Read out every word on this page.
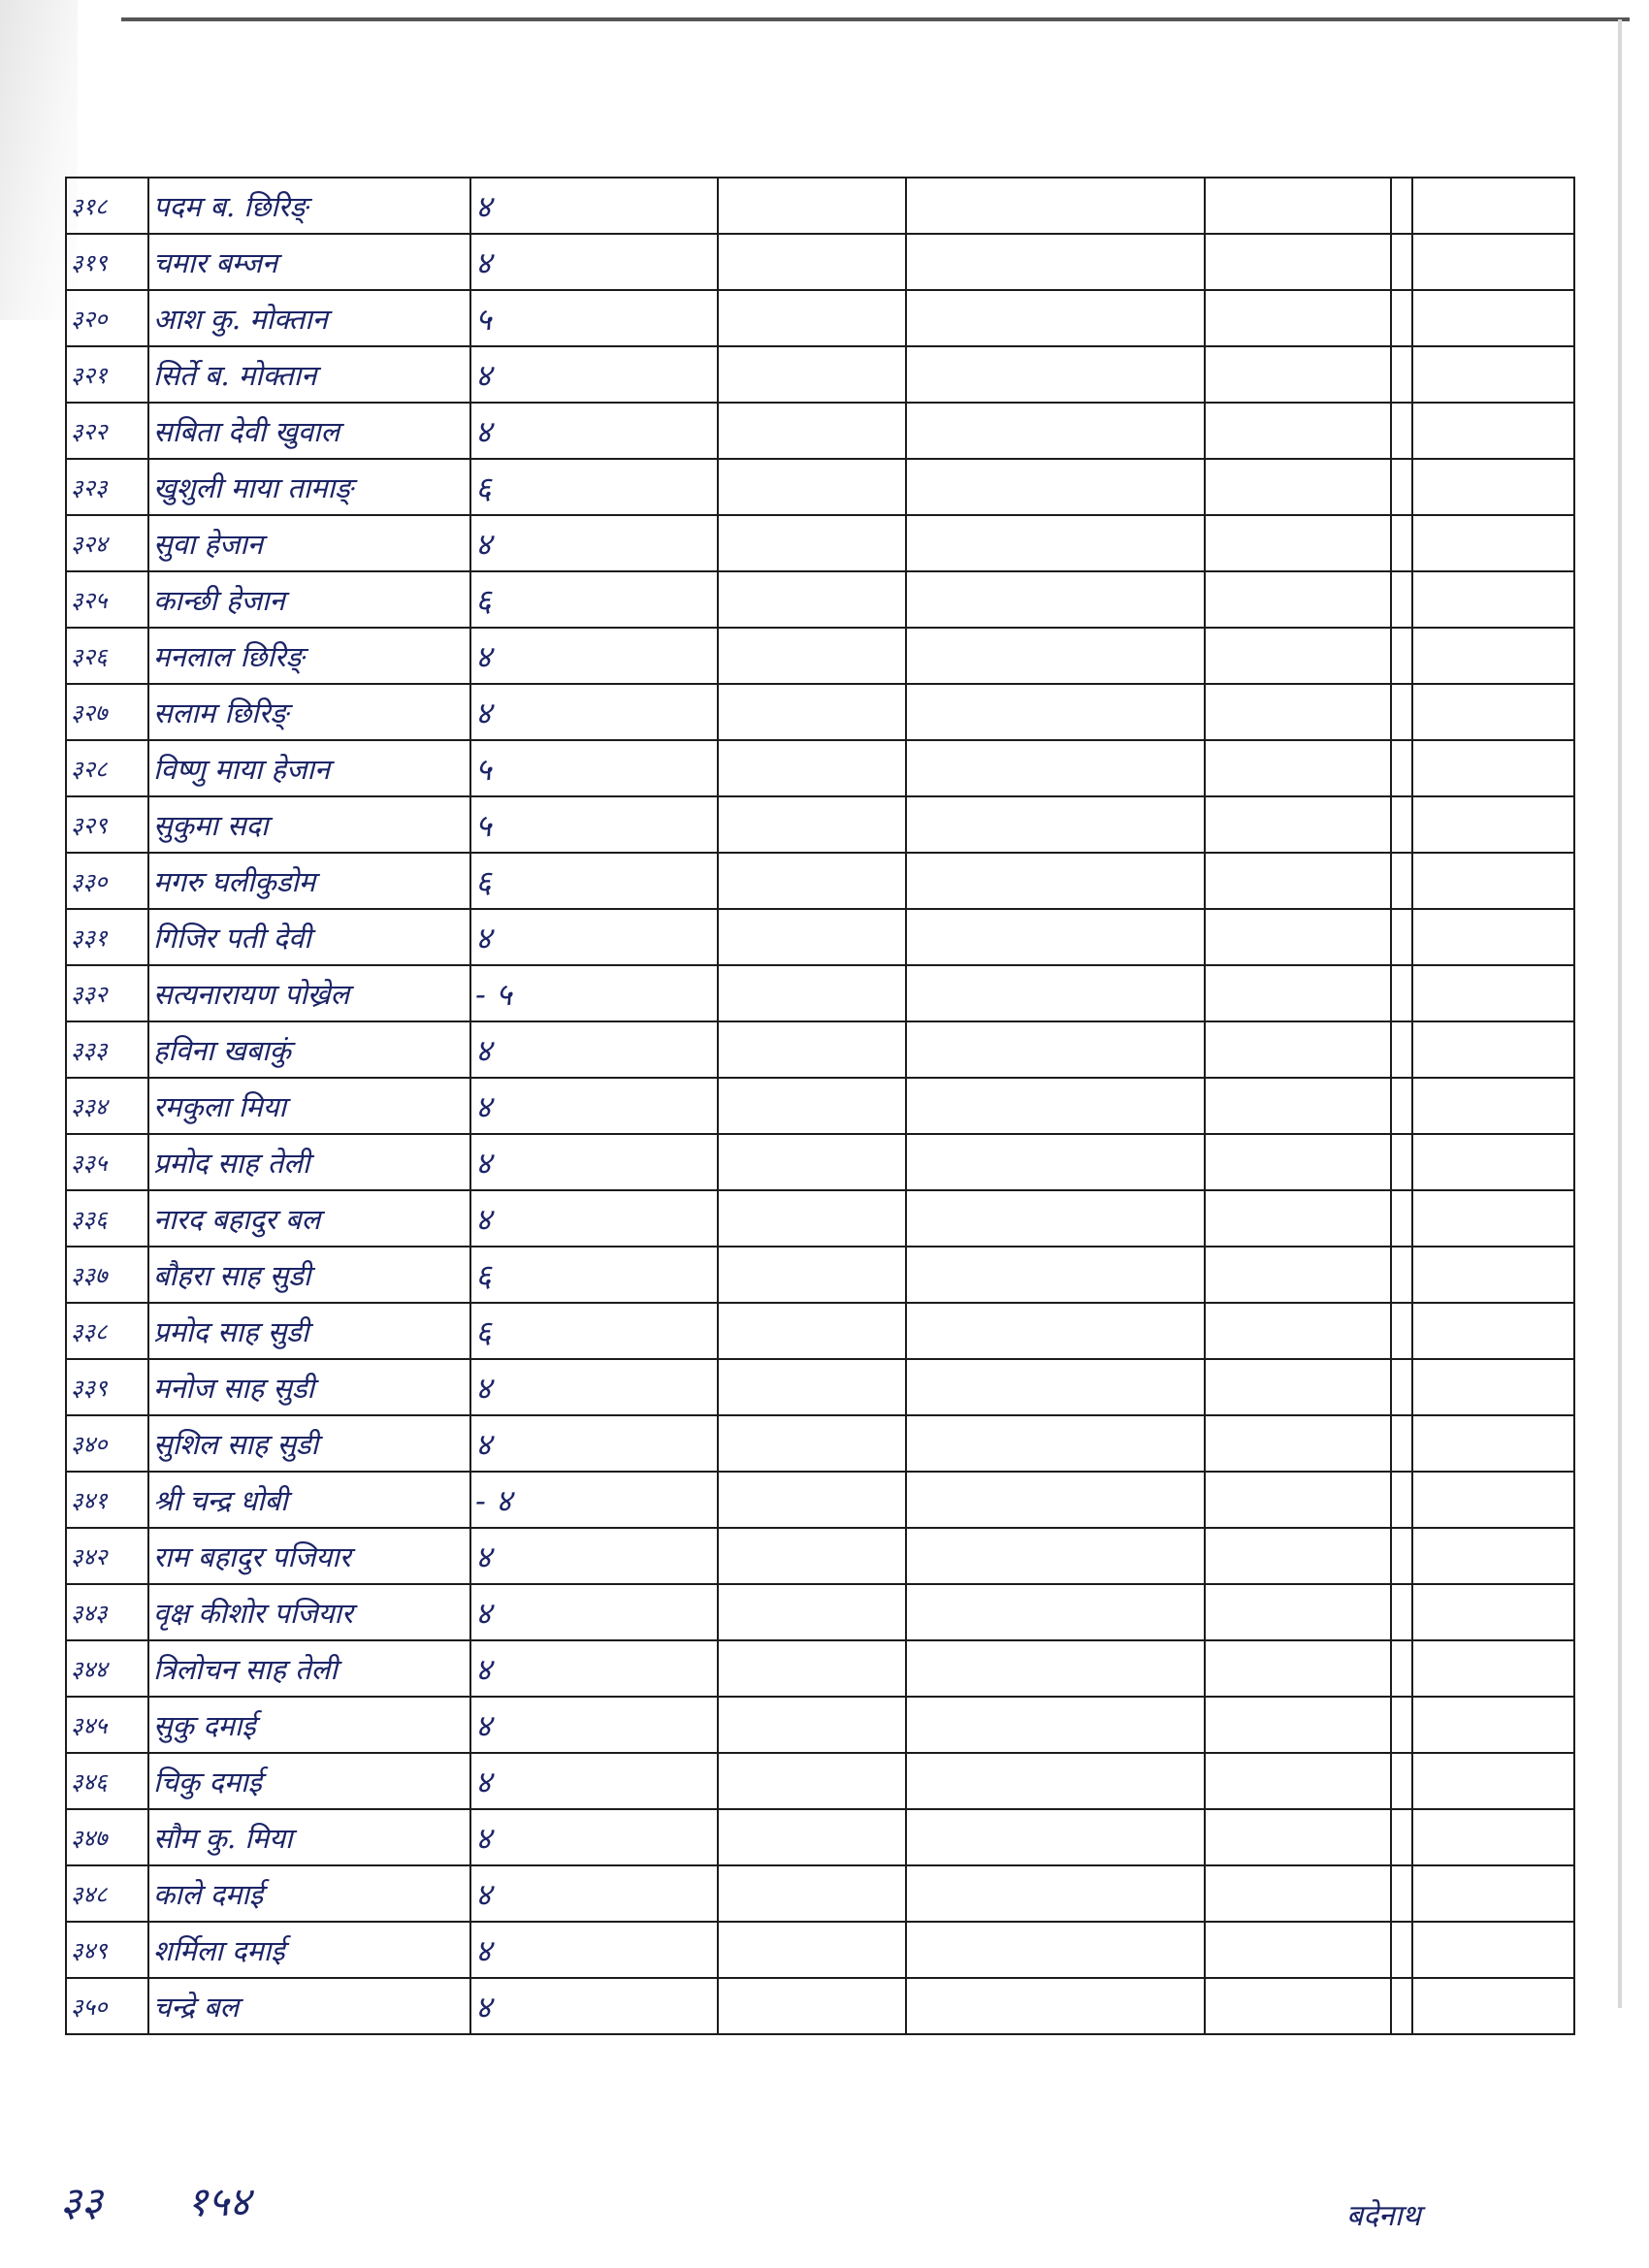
३१८	पदम ब. छिरिङ्	४					
३१९	चमार बम्जन	४					
३२०	आश कु. मोक्तान	५					
३२१	सिर्ते ब. मोक्तान	४					
३२२	सबिता देवी खुवाल	४					
३२३	खुशुली माया तामाङ्	६					
३२४	सुवा हेजान	४					
३२५	कान्छी हेजान	६					
३२६	मनलाल छिरिङ्	४					
३२७	सलाम छिरिङ्	४					
३२८	विष्णु माया हेजान	५					
३२९	सुकुमा सदा	५					
३३०	मगरु घलीकुडोम	६					
३३१	गिजिर पती देवी	४					
३३२	सत्यनारायण पोख्रेल	- ५					
३३३	हविना खबाकुं	४					
३३४	रमकुला मिया	४					
३३५	प्रमोद साह तेली	४					
३३६	नारद बहादुर बल	४					
३३७	बौहरा साह सुडी	६					
३३८	प्रमोद साह सुडी	६					
३३९	मनोज साह सुडी	४					
३४०	सुशिल साह सुडी	४					
३४१	श्री चन्द्र धोबी	- ४					
३४२	राम बहादुर पजियार	४					
३४३	वृक्ष कीशोर पजियार	४					
३४४	त्रिलोचन साह तेली	४					
३४५	सुकु दमाई	४					
३४६	चिकु दमाई	४					
३४७	सौम कु. मिया	४					
३४८	काले दमाई	४					
३४९	शर्मिला दमाई	४					
३५०	चन्द्रे बल	४					
३३ १५४	बदेनाथ
